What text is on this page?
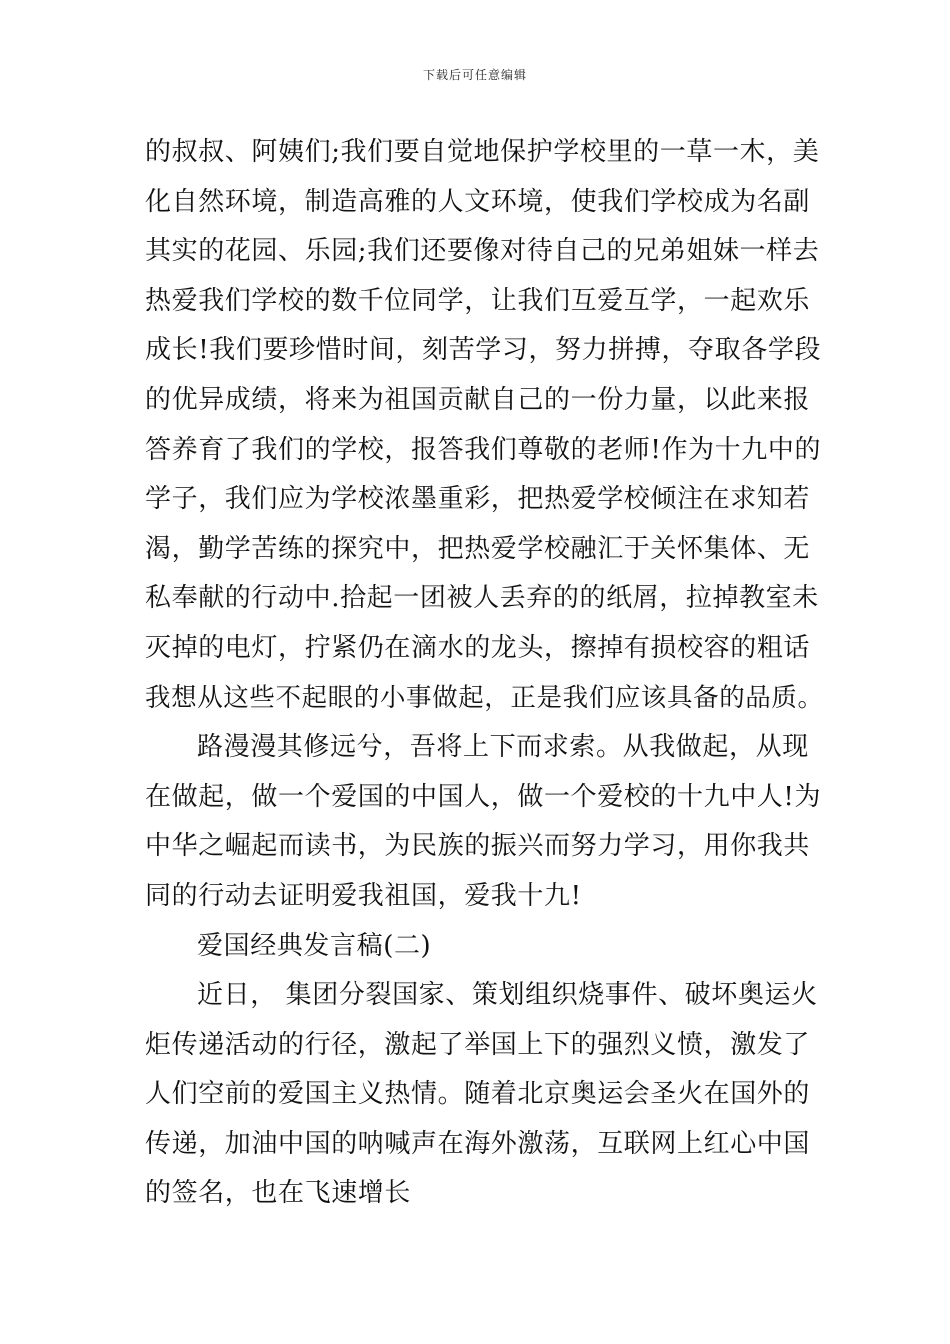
下载后可任意编辑
的叔叔、阿姨们;我们要自觉地保护学校里的一草一木，美
化自然环境，制造高雅的人文环境，使我们学校成为名副
其实的花园、乐园;我们还要像对待自己的兄弟姐妹一样去
热爱我们学校的数千位同学，让我们互爱互学，一起欢乐
成长!我们要珍惜时间，刻苦学习，努力拼搏，夺取各学段
的优异成绩，将来为祖国贡献自己的一份力量，以此来报
答养育了我们的学校，报答我们尊敬的老师!作为十九中的
学子，我们应为学校浓墨重彩，把热爱学校倾注在求知若
渴，勤学苦练的探究中，把热爱学校融汇于关怀集体、无
私奉献的行动中.拾起一团被人丢弃的的纸屑，拉掉教室未
灭掉的电灯，拧紧仍在滴水的龙头，擦掉有损校容的粗话
我想从这些不起眼的小事做起，正是我们应该具备的品质。
路漫漫其修远兮，吾将上下而求索。从我做起，从现
在做起，做一个爱国的中国人，做一个爱校的十九中人!为
中华之崛起而读书，为民族的振兴而努力学习，用你我共
同的行动去证明爱我祖国，爱我十九!
爱国经典发言稿(二)
近日， 集团分裂国家、策划组织烧事件、破坏奥运火
炬传递活动的行径，激起了举国上下的强烈义愤，激发了
人们空前的爱国主义热情。随着北京奥运会圣火在国外的
传递，加油中国的呐喊声在海外激荡，互联网上红心中国
的签名，也在飞速增长
